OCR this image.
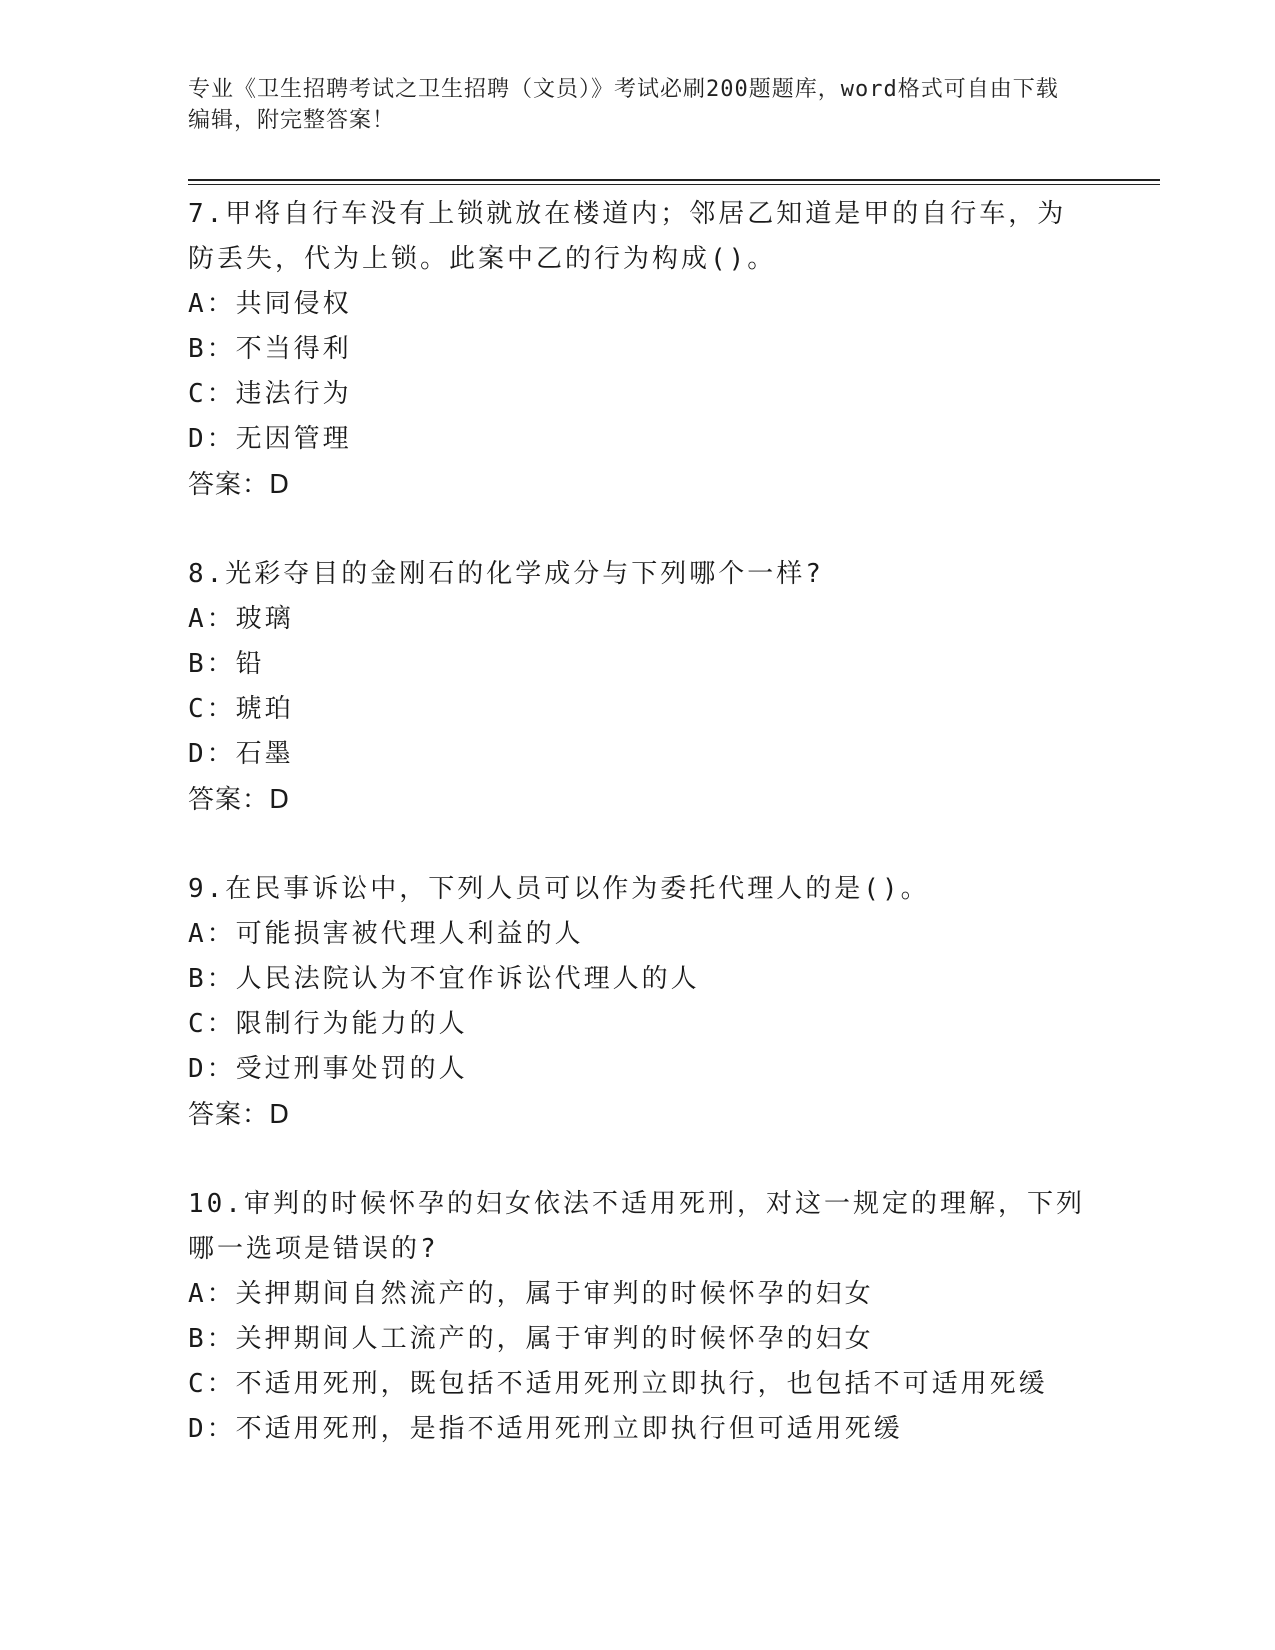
专业《卫生招聘考试之卫生招聘（文员）》考试必刷200题题库，word格式可自由下载编辑，附完整答案！

7.甲将自行车没有上锁就放在楼道内；邻居乙知道是甲的自行车，为防丢失，代为上锁。此案中乙的行为构成()。

A：共同侵权

B：不当得利

C：违法行为

D：无因管理

答案：D

8.光彩夺目的金刚石的化学成分与下列哪个一样?

A：玻璃

B：铅

C：琥珀

D：石墨

答案：D

9.在民事诉讼中，下列人员可以作为委托代理人的是()。

A：可能损害被代理人利益的人

B：人民法院认为不宜作诉讼代理人的人

C：限制行为能力的人

D：受过刑事处罚的人

答案：D

10.审判的时候怀孕的妇女依法不适用死刑，对这一规定的理解，下列哪一选项是错误的?

A：关押期间自然流产的，属于审判的时候怀孕的妇女

B：关押期间人工流产的，属于审判的时候怀孕的妇女

C：不适用死刑，既包括不适用死刑立即执行，也包括不可适用死缓

D：不适用死刑，是指不适用死刑立即执行但可适用死缓
